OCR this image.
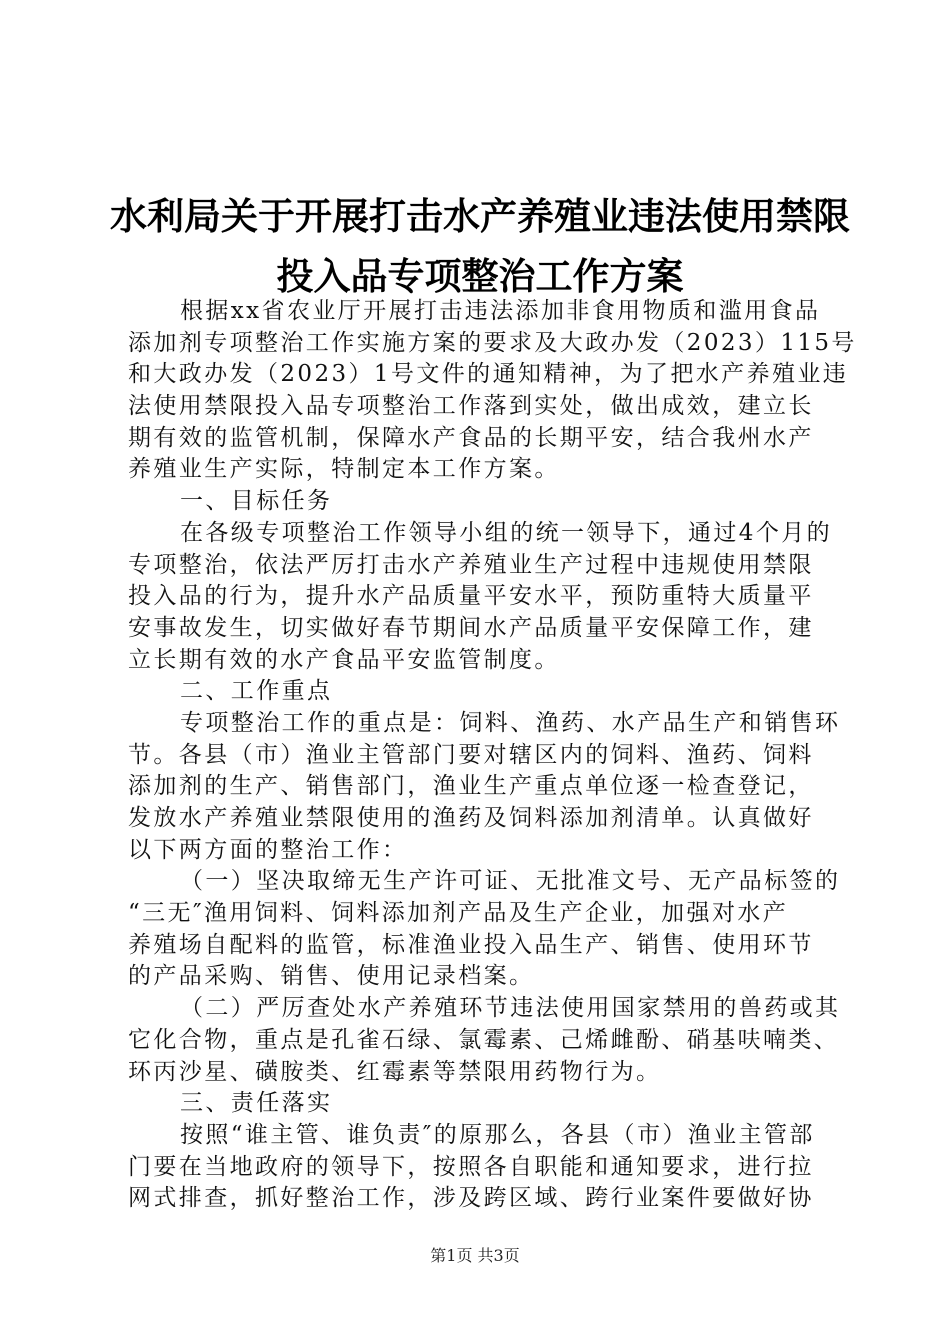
水利局关于开展打击水产养殖业违法使用禁限
投入品专项整治工作方案
根据xx省农业厅开展打击违法添加非食用物质和滥用食品
添加剂专项整治工作实施方案的要求及大政办发（2023）115号
和大政办发（2023）1号文件的通知精神，为了把水产养殖业违
法使用禁限投入品专项整治工作落到实处，做出成效，建立长
期有效的监管机制，保障水产食品的长期平安，结合我州水产
养殖业生产实际，特制定本工作方案。
一、目标任务
在各级专项整治工作领导小组的统一领导下，通过4个月的
专项整治，依法严厉打击水产养殖业生产过程中违规使用禁限
投入品的行为，提升水产品质量平安水平，预防重特大质量平
安事故发生，切实做好春节期间水产品质量平安保障工作，建
立长期有效的水产食品平安监管制度。
二、工作重点
专项整治工作的重点是：饲料、渔药、水产品生产和销售环
节。各县（市）渔业主管部门要对辖区内的饲料、渔药、饲料
添加剂的生产、销售部门，渔业生产重点单位逐一检查登记，
发放水产养殖业禁限使用的渔药及饲料添加剂清单。认真做好
以下两方面的整治工作：
（一）坚决取缔无生产许可证、无批准文号、无产品标签的
“三无″渔用饲料、饲料添加剂产品及生产企业，加强对水产
养殖场自配料的监管，标准渔业投入品生产、销售、使用环节
的产品采购、销售、使用记录档案。
（二）严厉查处水产养殖环节违法使用国家禁用的兽药或其
它化合物，重点是孔雀石绿、氯霉素、己烯雌酚、硝基呋喃类、
环丙沙星、磺胺类、红霉素等禁限用药物行为。
三、责任落实
按照“谁主管、谁负责″的原那么，各县（市）渔业主管部
门要在当地政府的领导下，按照各自职能和通知要求，进行拉
网式排查，抓好整治工作，涉及跨区域、跨行业案件要做好协
第1页 共3页
